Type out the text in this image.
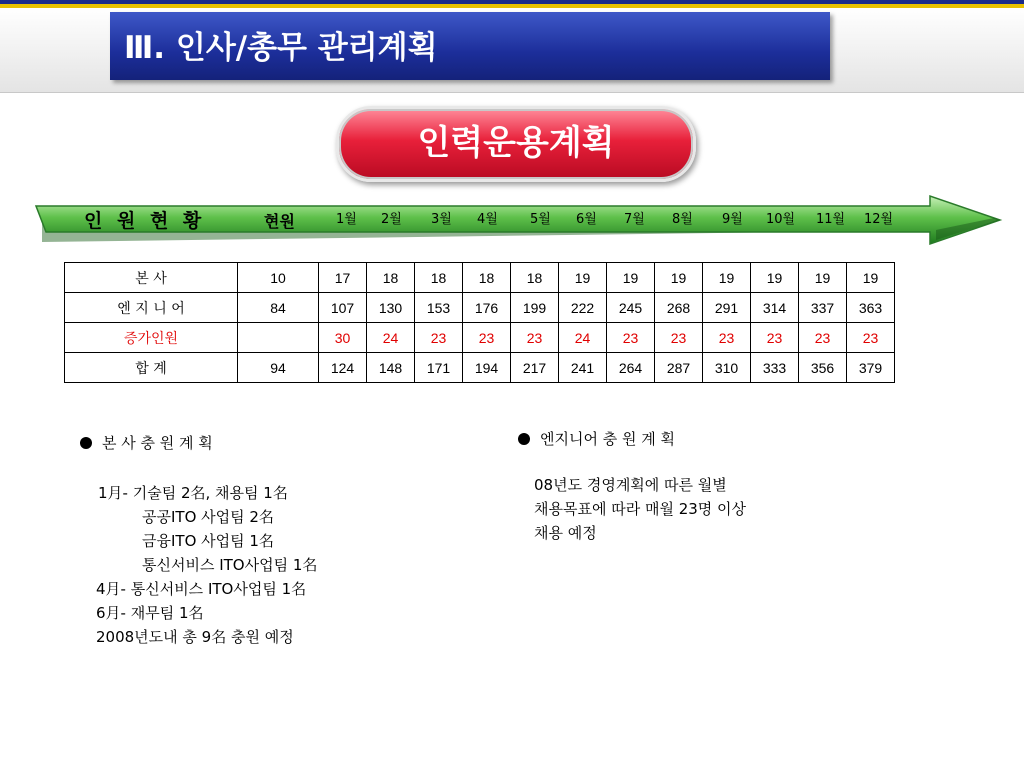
Ⅲ. 인사/총무 관리계획
인력운용계획
인 원 현 황	현원	1월 2월 3월 4월 5월 6월 7월 8월 9월 10월 11월 12월
본 사	10	17	18	18	18	18	19	19	19	19	19	19	19
엔 지 니 어	84	107	130	153	176	199	222	245	268	291	314	337	363
증가인원		30	24	23	23	23	24	23	23	23	23	23	23
합 계	94	124	148	171	194	217	241	264	287	310	333	356	379
본 사 충 원 계 획
1月- 기술팀 2名, 채용팀 1名
공공ITO 사업팀 2名
금융ITO 사업팀 1名
통신서비스 ITO사업팀 1名
4月- 통신서비스 ITO사업팀 1名
6月- 재무팀 1名
2008년도내 총 9名 충원 예정
엔지니어 충 원 계 획
08년도 경영계획에 따른 월별
채용목표에 따라 매월 23명 이상
채용 예정
